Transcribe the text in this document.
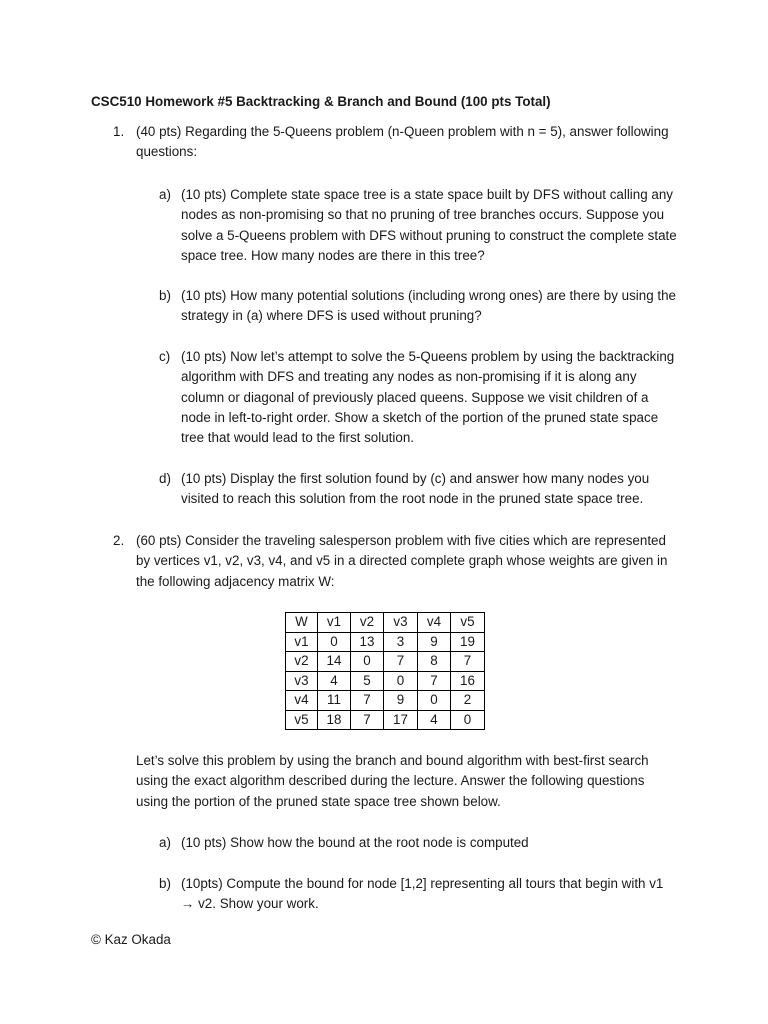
CSC510 Homework #5 Backtracking & Branch and Bound (100 pts Total)
1. (40 pts) Regarding the 5-Queens problem (n-Queen problem with n = 5), answer following questions:
a) (10 pts) Complete state space tree is a state space built by DFS without calling any nodes as non-promising so that no pruning of tree branches occurs. Suppose you solve a 5-Queens problem with DFS without pruning to construct the complete state space tree. How many nodes are there in this tree?
b) (10 pts) How many potential solutions (including wrong ones) are there by using the strategy in (a) where DFS is used without pruning?
c) (10 pts) Now let’s attempt to solve the 5-Queens problem by using the backtracking algorithm with DFS and treating any nodes as non-promising if it is along any column or diagonal of previously placed queens. Suppose we visit children of a node in left-to-right order. Show a sketch of the portion of the pruned state space tree that would lead to the first solution.
d) (10 pts) Display the first solution found by (c) and answer how many nodes you visited to reach this solution from the root node in the pruned state space tree.
2. (60 pts) Consider the traveling salesperson problem with five cities which are represented by vertices v1, v2, v3, v4, and v5 in a directed complete graph whose weights are given in the following adjacency matrix W:
W	v1	v2	v3	v4	v5
v1	0	13	3	9	19
v2	14	0	7	8	7
v3	4	5	0	7	16
v4	11	7	9	0	2
v5	18	7	17	4	0
Let’s solve this problem by using the branch and bound algorithm with best-first search using the exact algorithm described during the lecture. Answer the following questions using the portion of the pruned state space tree shown below.
a) (10 pts) Show how the bound at the root node is computed
b) (10pts) Compute the bound for node [1,2] representing all tours that begin with v1 → v2. Show your work.
© Kaz Okada
